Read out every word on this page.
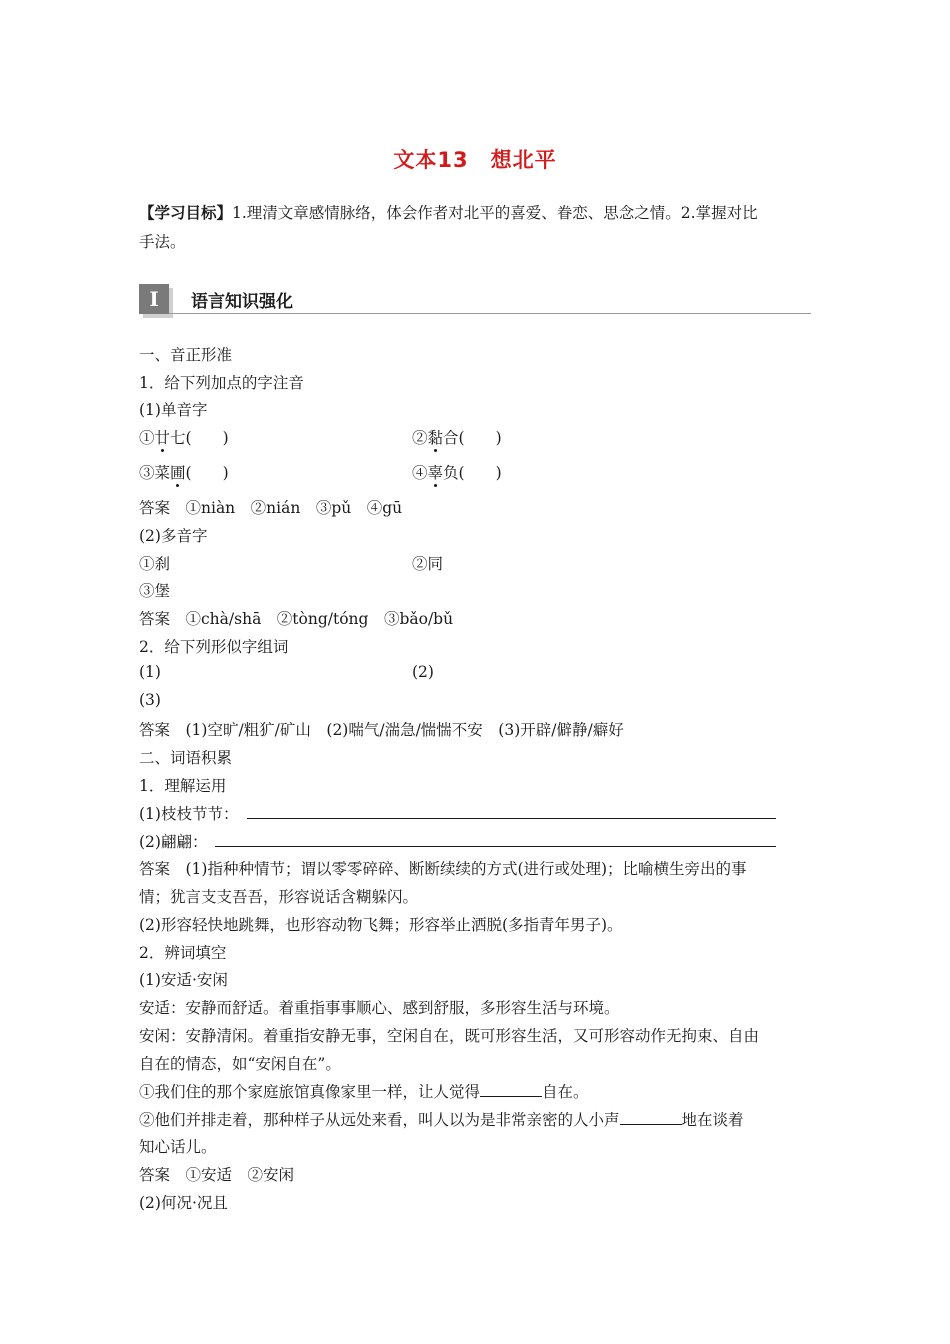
文本13　想北平
【学习目标】1.理清文章感情脉络，体会作者对北平的喜爱、眷恋、思念之情。2.掌握对比
手法。
I	语言知识强化
一、音正形准
1．给下列加点的字注音
(1)单音字
①廿七(　　)	②黏合(　　)
③菜圃(　　)	④辜负(　　)
答案　①niàn　②nián　③pǔ　④gū
(2)多音字
①刹	②同
③堡
答案　①chà/shā　②tòng/tóng　③bǎo/bǔ
2．给下列形似字组词
(1)	(2)
(3)
答案　(1)空旷/粗犷/矿山　(2)喘气/湍急/惴惴不安　(3)开辟/僻静/癖好
二、词语积累
1．理解运用
(1)枝枝节节：
(2)翩翩：
答案　(1)指种种情节；谓以零零碎碎、断断续续的方式(进行或处理)；比喻横生旁出的事
情；犹言支支吾吾，形容说话含糊躲闪。
(2)形容轻快地跳舞，也形容动物飞舞；形容举止洒脱(多指青年男子)。
2．辨词填空
(1)安适·安闲
安适：安静而舒适。着重指事事顺心、感到舒服，多形容生活与环境。
安闲：安静清闲。着重指安静无事，空闲自在，既可形容生活，又可形容动作无拘束、自由
自在的情态，如“安闲自在”。
①我们住的那个家庭旅馆真像家里一样，让人觉得	自在。
②他们并排走着，那种样子从远处来看，叫人以为是非常亲密的人小声	地在谈着
知心话儿。
答案　①安适　②安闲
(2)何况·况且
